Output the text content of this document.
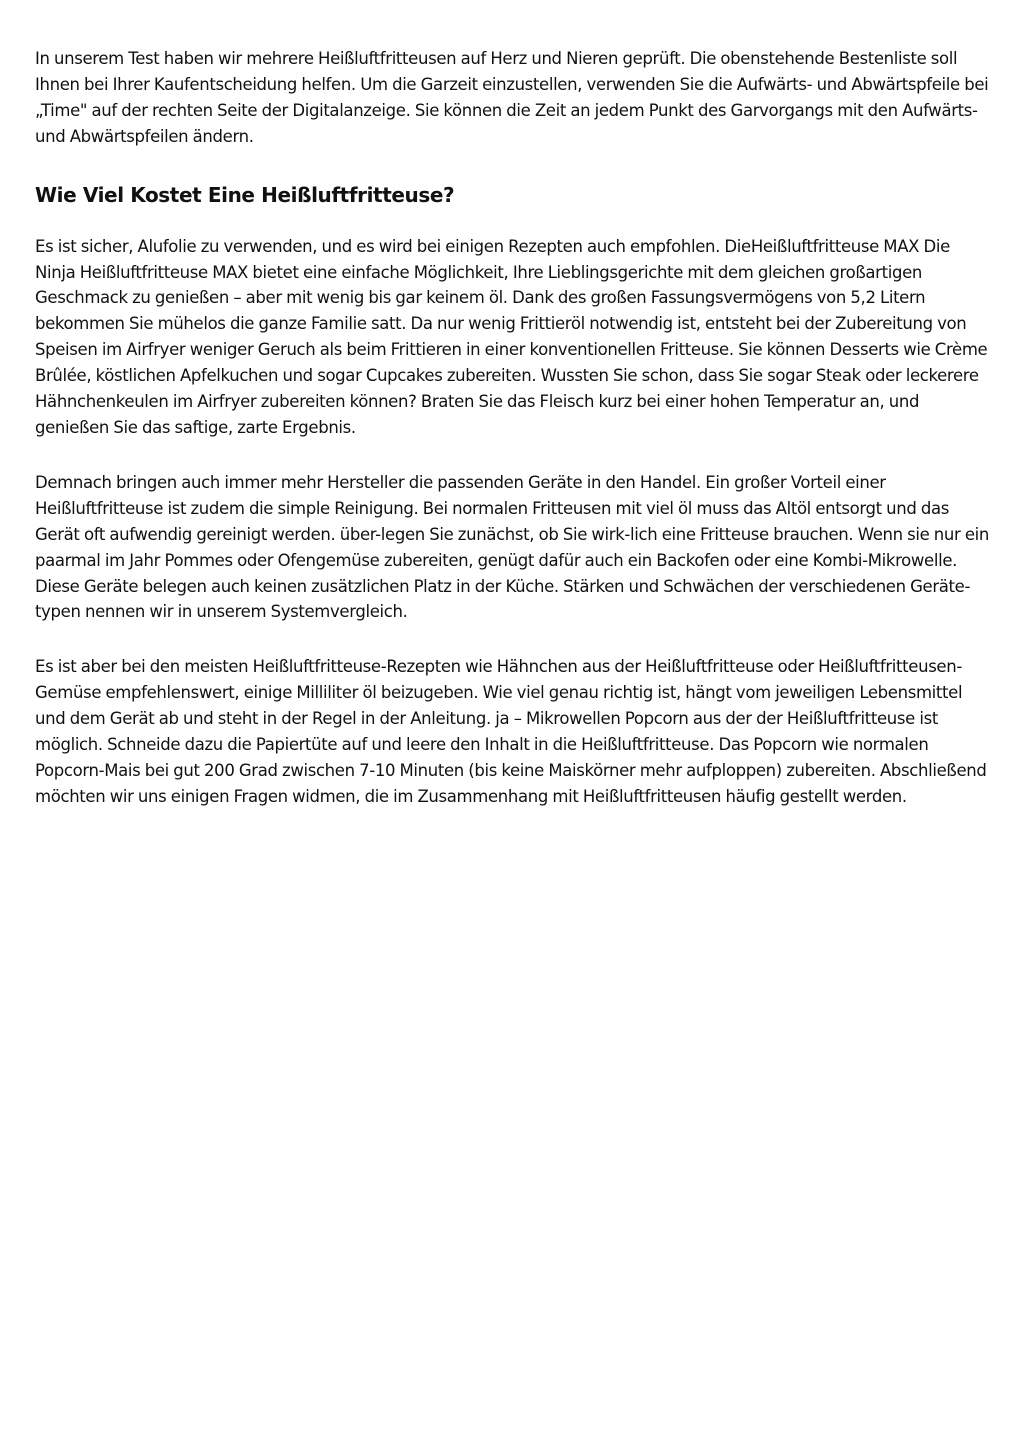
In unserem Test haben wir mehrere Heißluftfritteusen auf Herz und Nieren geprüft. Die obenstehende Bestenliste soll Ihnen bei Ihrer Kaufentscheidung helfen. Um die Garzeit einzustellen, verwenden Sie die Aufwärts- und Abwärtspfeile bei „Time" auf der rechten Seite der Digitalanzeige. Sie können die Zeit an jedem Punkt des Garvorgangs mit den Aufwärts- und Abwärtspfeilen ändern.

Wie Viel Kostet Eine Heißluftfritteuse?

Es ist sicher, Alufolie zu verwenden, und es wird bei einigen Rezepten auch empfohlen. DieHeißluftfritteuse MAX Die Ninja Heißluftfritteuse MAX bietet eine einfache Möglichkeit, Ihre Lieblingsgerichte mit dem gleichen großartigen Geschmack zu genießen – aber mit wenig bis gar keinem öl. Dank des großen Fassungsvermögens von 5,2 Litern bekommen Sie mühelos die ganze Familie satt. Da nur wenig Frittieröl notwendig ist, entsteht bei der Zubereitung von Speisen im Airfryer weniger Geruch als beim Frittieren in einer konventionellen Fritteuse. Sie können Desserts wie Crème Brûlée, köstlichen Apfelkuchen und sogar Cupcakes zubereiten. Wussten Sie schon, dass Sie sogar Steak oder leckerere Hähnchenkeulen im Airfryer zubereiten können? Braten Sie das Fleisch kurz bei einer hohen Temperatur an, und genießen Sie das saftige, zarte Ergebnis.

Demnach bringen auch immer mehr Hersteller die passenden Geräte in den Handel. Ein großer Vorteil einer Heißluftfritteuse ist zudem die simple Reinigung. Bei normalen Fritteusen mit viel öl muss das Altöl entsorgt und das Gerät oft aufwendig gereinigt werden. über-legen Sie zunächst, ob Sie wirk-lich eine Fritteuse brauchen. Wenn sie nur ein paarmal im Jahr Pommes oder Ofengemüse zubereiten, genügt dafür auch ein Backofen oder eine Kombi-Mikrowelle. Diese Geräte belegen auch keinen zusätzlichen Platz in der Küche. Stärken und Schwächen der verschiedenen Geräte-typen nennen wir in unserem Systemvergleich.

Es ist aber bei den meisten Heißluftfritteuse-Rezepten wie Hähnchen aus der Heißluftfritteuse oder Heißluftfritteusen-Gemüse empfehlenswert, einige Milliliter öl beizugeben. Wie viel genau richtig ist, hängt vom jeweiligen Lebensmittel und dem Gerät ab und steht in der Regel in der Anleitung. ja – Mikrowellen Popcorn aus der der Heißluftfritteuse ist möglich. Schneide dazu die Papiertüte auf und leere den Inhalt in die Heißluftfritteuse. Das Popcorn wie normalen Popcorn-Mais bei gut 200 Grad zwischen 7-10 Minuten (bis keine Maiskörner mehr aufploppen) zubereiten. Abschließend möchten wir uns einigen Fragen widmen, die im Zusammenhang mit Heißluftfritteusen häufig gestellt werden.
